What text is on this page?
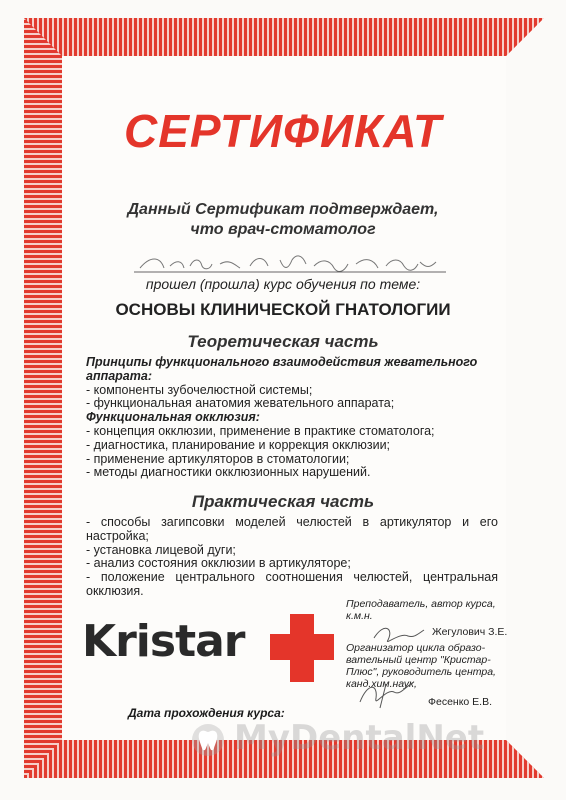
СЕРТИФИКАТ
Данный Сертификат подтверждает,
что врач-стоматолог
прошел (прошла) курс обучения по теме:
ОСНОВЫ КЛИНИЧЕСКОЙ ГНАТОЛОГИИ
Теоретическая часть

Принципы функционального взаимодействия жевательного аппарата:

- компоненты зубочелюстной системы;

- функциональная анатомия жевательного аппарата;

Функциональная окклюзия:

- концепция окклюзии, применение в практике стоматолога;

- диагностика, планирование и коррекция окклюзии;

- применение артикуляторов в стоматологии;

- методы диагностики окклюзионных нарушений.

Практическая часть

- способы загипсовки моделей челюстей в артикулятор и его настройка;

- установка лицевой дуги;

- анализ состояния окклюзии в артикуляторе;

- положение центрального соотношения челюстей, центральная окклюзия.

Kristar
Преподаватель, автор курса, к.м.н.
Жегулович З.Е.
Организатор цикла образо-вательный центр "Кристар-Плюс", руководитель центра, канд.хим.наук,
Фесенко Е.В.
Дата прохождения курса:
MyDentalNet
